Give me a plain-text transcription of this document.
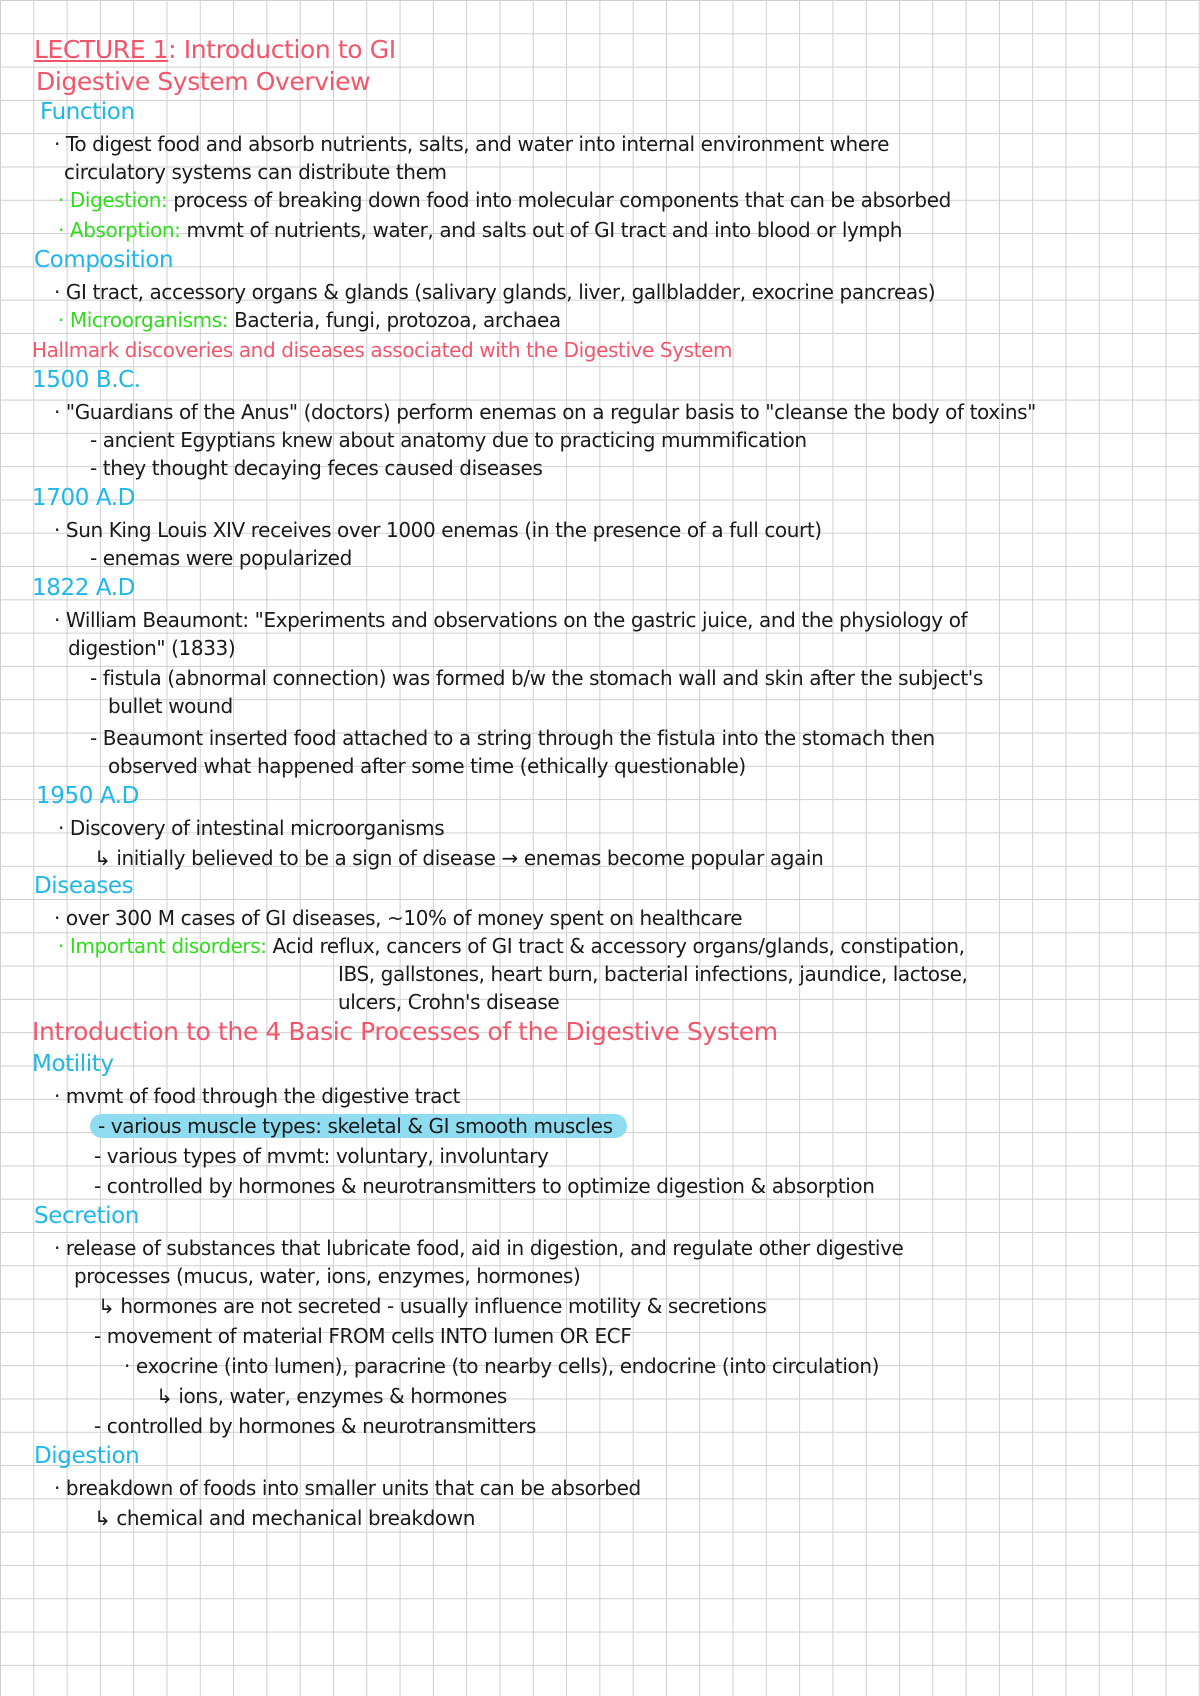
LECTURE 1: Introduction to GI
Digestive System Overview
Function
· To digest food and absorb nutrients, salts, and water into internal environment where
circulatory systems can distribute them
· Digestion: process of breaking down food into molecular components that can be absorbed
· Absorption: mvmt of nutrients, water, and salts out of GI tract and into blood or lymph
Composition
· GI tract, accessory organs & glands (salivary glands, liver, gallbladder, exocrine pancreas)
· Microorganisms: Bacteria, fungi, protozoa, archaea
Hallmark discoveries and diseases associated with the Digestive System
1500 B.C.
· "Guardians of the Anus" (doctors) perform enemas on a regular basis to "cleanse the body of toxins"
- ancient Egyptians knew about anatomy due to practicing mummification
- they thought decaying feces caused diseases
1700 A.D
· Sun King Louis XIV receives over 1000 enemas (in the presence of a full court)
- enemas were popularized
1822 A.D
· William Beaumont: "Experiments and observations on the gastric juice, and the physiology of
digestion" (1833)
- fistula (abnormal connection) was formed b/w the stomach wall and skin after the subject's
bullet wound
- Beaumont inserted food attached to a string through the fistula into the stomach then
observed what happened after some time (ethically questionable)
1950 A.D
· Discovery of intestinal microorganisms
↳ initially believed to be a sign of disease → enemas become popular again
Diseases
· over 300 M cases of GI diseases, ~10% of money spent on healthcare
· Important disorders: Acid reflux, cancers of GI tract & accessory organs/glands, constipation,
IBS, gallstones, heart burn, bacterial infections, jaundice, lactose,
ulcers, Crohn's disease
Introduction to the 4 Basic Processes of the Digestive System
Motility
· mvmt of food through the digestive tract
- various muscle types: skeletal & GI smooth muscles
- various types of mvmt: voluntary, involuntary
- controlled by hormones & neurotransmitters to optimize digestion & absorption
Secretion
· release of substances that lubricate food, aid in digestion, and regulate other digestive
processes (mucus, water, ions, enzymes, hormones)
↳ hormones are not secreted - usually influence motility & secretions
- movement of material FROM cells INTO lumen OR ECF
· exocrine (into lumen), paracrine (to nearby cells), endocrine (into circulation)
↳ ions, water, enzymes & hormones
- controlled by hormones & neurotransmitters
Digestion
· breakdown of foods into smaller units that can be absorbed
↳ chemical and mechanical breakdown
